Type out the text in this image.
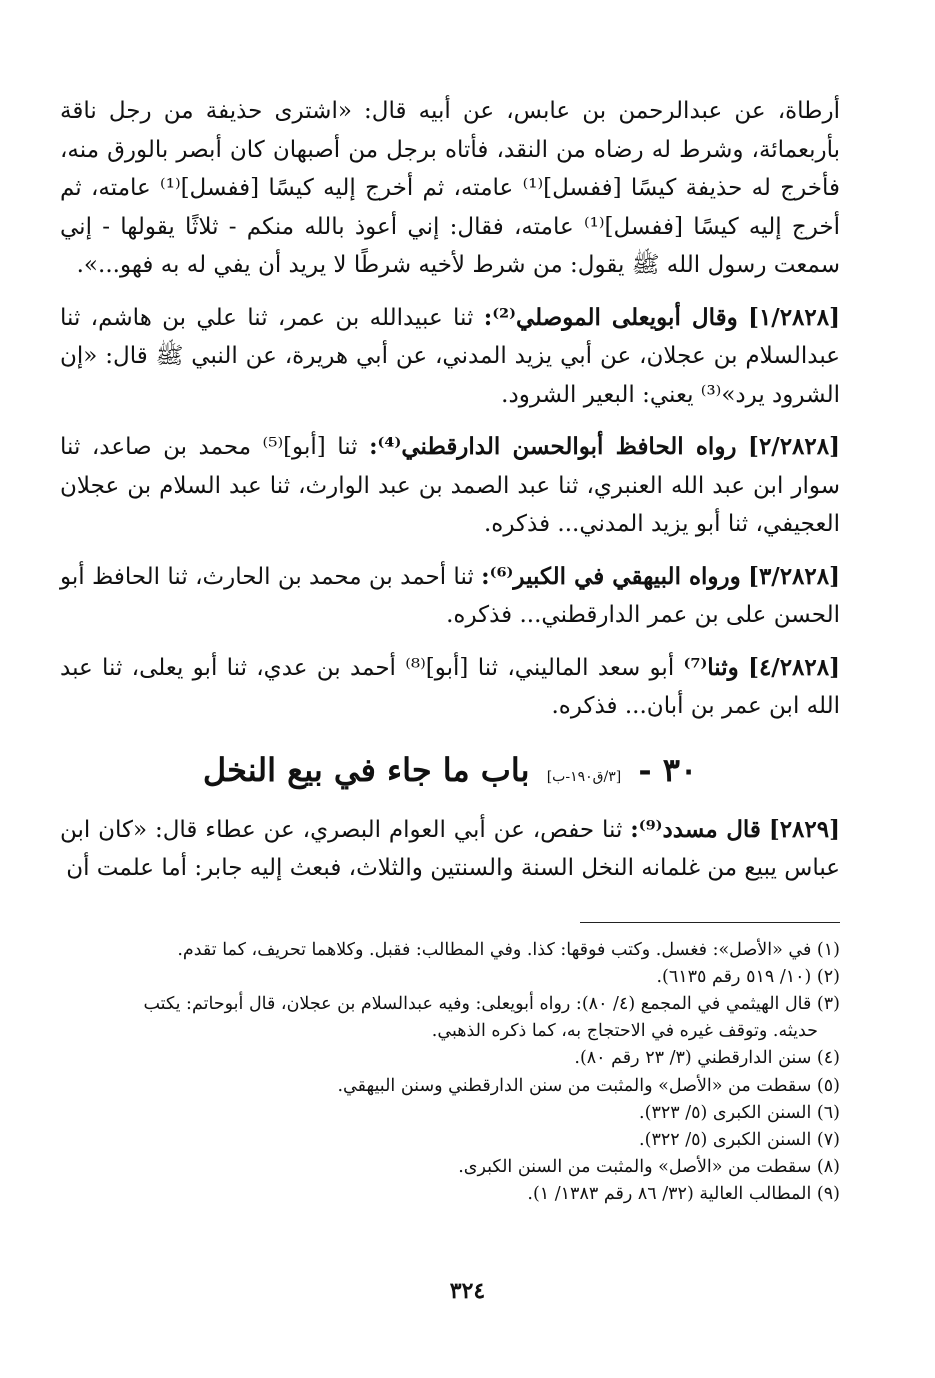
أرطاة، عن عبدالرحمن بن عابس، عن أبيه قال: «اشترى حذيفة من رجل ناقة بأربعمائة، وشرط له رضاه من النقد، فأتاه برجل من أصبهان كان أبصر بالورق منه، فأخرج له حذيفة كيسًا [ففسل]⁽¹⁾ عامته، ثم أخرج إليه كيسًا [ففسل]⁽¹⁾ عامته، ثم أخرج إليه كيسًا [ففسل]⁽¹⁾ عامته، فقال: إني أعوذ بالله منكم - ثلاثًا يقولها - إني سمعت رسول الله ﷺ يقول: من شرط لأخيه شرطًا لا يريد أن يفي له به فهو...».

[١/٢٨٢٨] وقال أبويعلى الموصلي⁽²⁾: ثنا عبيدالله بن عمر، ثنا علي بن هاشم، ثنا عبدالسلام بن عجلان، عن أبي يزيد المدني، عن أبي هريرة، عن النبي ﷺ قال: «إن الشرود يرد»⁽³⁾ يعني: البعير الشرود.

[٢/٢٨٢٨] رواه الحافظ أبوالحسن الدارقطني⁽⁴⁾: ثنا [أبو]⁽⁵⁾ محمد بن صاعد، ثنا سوار ابن عبد الله العنبري، ثنا عبد الصمد بن عبد الوارث، ثنا عبد السلام بن عجلان العجيفي، ثنا أبو يزيد المدني... فذكره.

[٣/٢٨٢٨] ورواه البيهقي في الكبير⁽⁶⁾: ثنا أحمد بن محمد بن الحارث، ثنا الحافظ أبو الحسن على بن عمر الدارقطني... فذكره.

[٤/٢٨٢٨] وثنا⁽⁷⁾ أبو سعد الماليني، ثنا [أبو]⁽⁸⁾ أحمد بن عدي، ثنا أبو يعلى، ثنا عبد الله ابن عمر بن أبان... فذكره.

٣٠ - [٣/ق١٩٠-ب] باب ما جاء في بيع النخل

[٢٨٢٩] قال مسدد⁽⁹⁾: ثنا حفص، عن أبي العوام البصري، عن عطاء قال: «كان ابن عباس يبيع من غلمانه النخل السنة والسنتين والثلاث، فبعث إليه جابر: أما علمت أن

(١) في «الأصل»: فغسل. وكتب فوقها: كذا. وفي المطالب: فقبل. وكلاهما تحريف، كما تقدم.

(٢) (١٠/ ٥١٩ رقم ٦١٣٥).

(٣) قال الهيثمي في المجمع (٤/ ٨٠): رواه أبويعلى: وفيه عبدالسلام بن عجلان، قال أبوحاتم: يكتب

حديثه. وتوقف غيره في الاحتجاج به، كما ذكره الذهبي.

(٤) سنن الدارقطني (٣/ ٢٣ رقم ٨٠).

(٥) سقطت من «الأصل» والمثبت من سنن الدارقطني وسنن البيهقي.

(٦) السنن الكبرى (٥/ ٣٢٣).

(٧) السنن الكبرى (٥/ ٣٢٢).

(٨) سقطت من «الأصل» والمثبت من السنن الكبرى.

(٩) المطالب العالية (٣٢/ ٨٦ رقم ١٣٨٣/ ١).

٣٢٤
